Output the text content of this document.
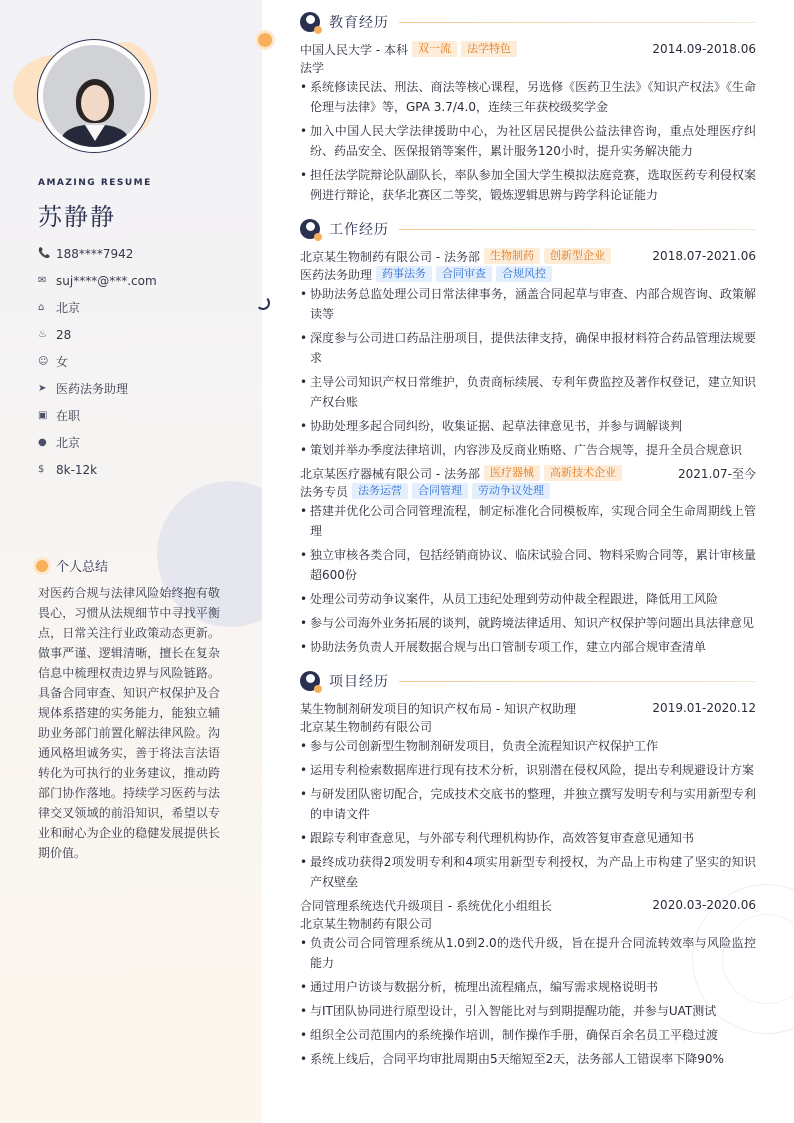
AMAZING RESUME
苏静静
📞 188****7942
✉ suj****@***.com
⌂ 北京
♨ 28
☺ 女
➤ 医药法务助理
▣ 在职
● 北京
$ 8k-12k
个人总结
对医药合规与法律风险始终抱有敬畏心，习惯从法规细节中寻找平衡点，日常关注行业政策动态更新。做事严谨、逻辑清晰，擅长在复杂信息中梳理权责边界与风险链路。具备合同审查、知识产权保护及合规体系搭建的实务能力，能独立辅助业务部门前置化解法律风险。沟通风格坦诚务实，善于将法言法语转化为可执行的业务建议，推动跨部门协作落地。持续学习医药与法律交叉领域的前沿知识，希望以专业和耐心为企业的稳健发展提供长期价值。
教育经历
中国人民大学 - 本科 双一流	法学特色	2014.09-2018.06
法学
• 系统修读民法、刑法、商法等核心课程，另选修《医药卫生法》《知识产权法》《生命伦理与法律》等，GPA 3.7/4.0，连续三年获校级奖学金
• 加入中国人民大学法律援助中心，为社区居民提供公益法律咨询，重点处理医疗纠纷、药品安全、医保报销等案件，累计服务120小时，提升实务解决能力
• 担任法学院辩论队副队长，率队参加全国大学生模拟法庭竞赛，选取医药专利侵权案例进行辩论，获华北赛区二等奖，锻炼逻辑思辨与跨学科论证能力
工作经历
北京某生物制药有限公司 - 法务部 生物制药	创新型企业	2018.07-2021.06
医药法务助理 药事法务	合同审查	合规风控
• 协助法务总监处理公司日常法律事务，涵盖合同起草与审查、内部合规咨询、政策解读等
• 深度参与公司进口药品注册项目，提供法律支持，确保申报材料符合药品管理法规要求
• 主导公司知识产权日常维护，负责商标续展、专利年费监控及著作权登记，建立知识产权台账
• 协助处理多起合同纠纷，收集证据、起草法律意见书，并参与调解谈判
• 策划并举办季度法律培训，内容涉及反商业贿赂、广告合规等，提升全员合规意识
北京某医疗器械有限公司 - 法务部 医疗器械	高新技术企业	2021.07-至今
法务专员 法务运营	合同管理	劳动争议处理
• 搭建并优化公司合同管理流程，制定标准化合同模板库，实现合同全生命周期线上管理
• 独立审核各类合同，包括经销商协议、临床试验合同、物料采购合同等，累计审核量超600份
• 处理公司劳动争议案件，从员工违纪处理到劳动仲裁全程跟进，降低用工风险
• 参与公司海外业务拓展的谈判，就跨境法律适用、知识产权保护等问题出具法律意见
• 协助法务负责人开展数据合规与出口管制专项工作，建立内部合规审查清单
项目经历
某生物制剂研发项目的知识产权布局 - 知识产权助理	2019.01-2020.12
北京某生物制药有限公司
• 参与公司创新型生物制剂研发项目，负责全流程知识产权保护工作
• 运用专利检索数据库进行现有技术分析，识别潜在侵权风险，提出专利规避设计方案
• 与研发团队密切配合，完成技术交底书的整理，并独立撰写发明专利与实用新型专利的申请文件
• 跟踪专利审查意见，与外部专利代理机构协作，高效答复审查意见通知书
• 最终成功获得2项发明专利和4项实用新型专利授权，为产品上市构建了坚实的知识产权壁垒
合同管理系统迭代升级项目 - 系统优化小组组长	2020.03-2020.06
北京某生物制药有限公司
• 负责公司合同管理系统从1.0到2.0的迭代升级，旨在提升合同流转效率与风险监控能力
• 通过用户访谈与数据分析，梳理出流程痛点，编写需求规格说明书
• 与IT团队协同进行原型设计，引入智能比对与到期提醒功能，并参与UAT测试
• 组织全公司范围内的系统操作培训，制作操作手册，确保百余名员工平稳过渡
• 系统上线后，合同平均审批周期由5天缩短至2天，法务部人工错误率下降90%
